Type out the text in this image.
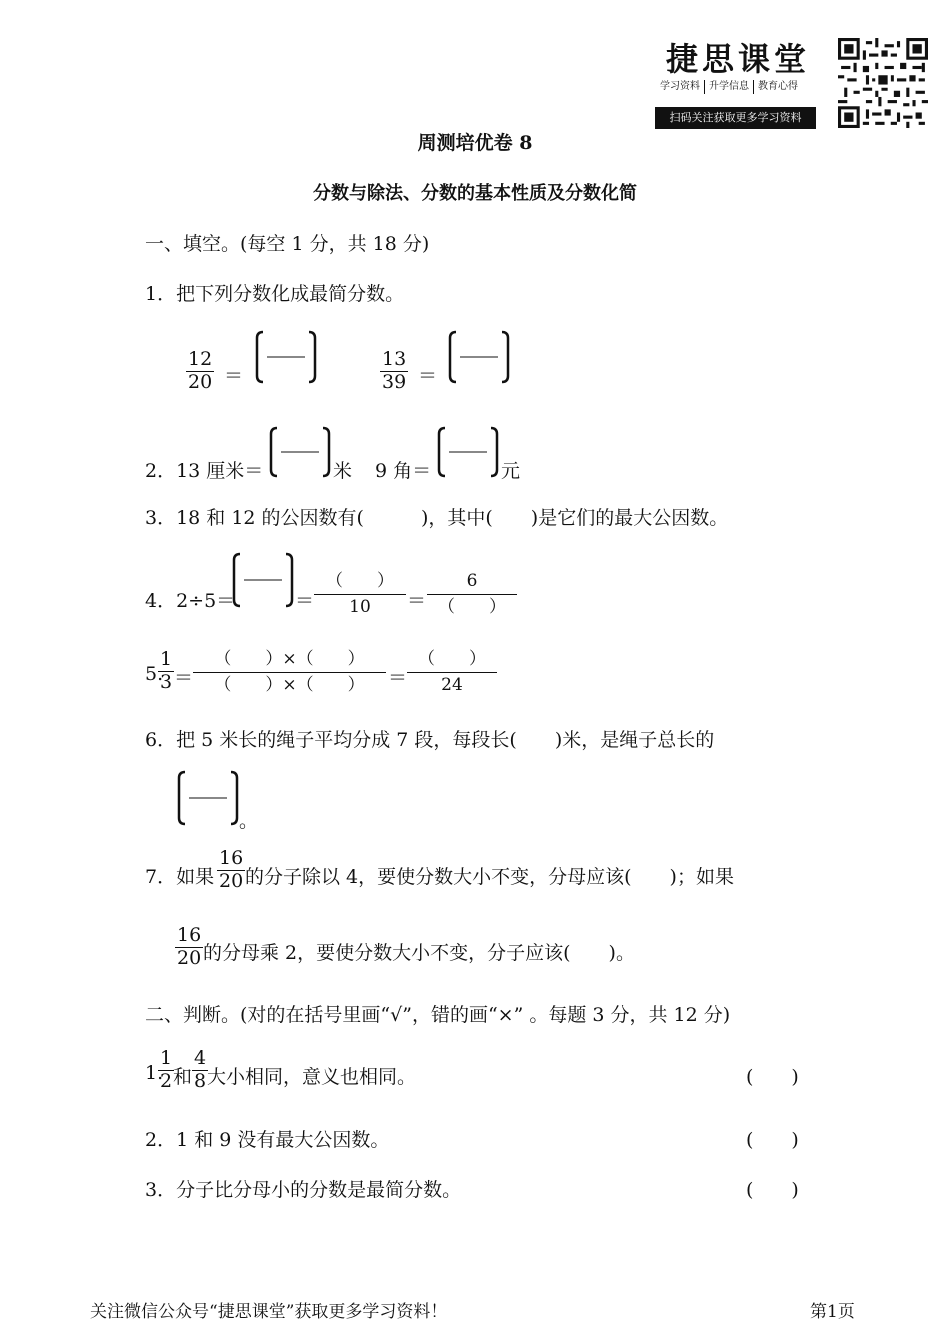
捷思课堂
学习资料 升学信息 教育心得
扫码关注获取更多学习资料
周测培优卷 8
分数与除法、分数的基本性质及分数化简
一、填空。(每空 1 分，共 18 分)
1．把下列分数化成最简分数。
$\frac{12}{20}$ ＝	$\frac{13}{39}$ ＝
2．13 厘米＝	米 9 角＝	元
3．18 和 12 的公因数有(　　　)，其中(　　)是它们的最大公因数。
4．2÷5＝	＝ $\frac{( )}{10} = \frac{6}{( )}$
5.
$\frac{1}{3} = \frac{( )\times( )}{( )\times( )} = \frac{( )}{24}$
6．把 5 米长的绳子平均分成 7 段，每段长(　　)米，是绳子总长的
。
7．如果 $\frac{16}{20}$ 的分子除以 4，要使分数大小不变，分母应该(　　)；如果
$\frac{16}{20}$ 的分母乘 2，要使分数大小不变，分子应该(　　)。
二、判断。(对的在括号里画“√”，错的画“×” 。每题 3 分，共 12 分)
1.
$\frac{1}{2}$
和 $\frac{4}{8}$
大小相同，意义也相同。	(　　)
2．1 和 9 没有最大公因数。	(　　)
3．分子比分母小的分数是最简分数。	(　　)
关注微信公众号“捷思课堂”获取更多学习资料！	第1页
